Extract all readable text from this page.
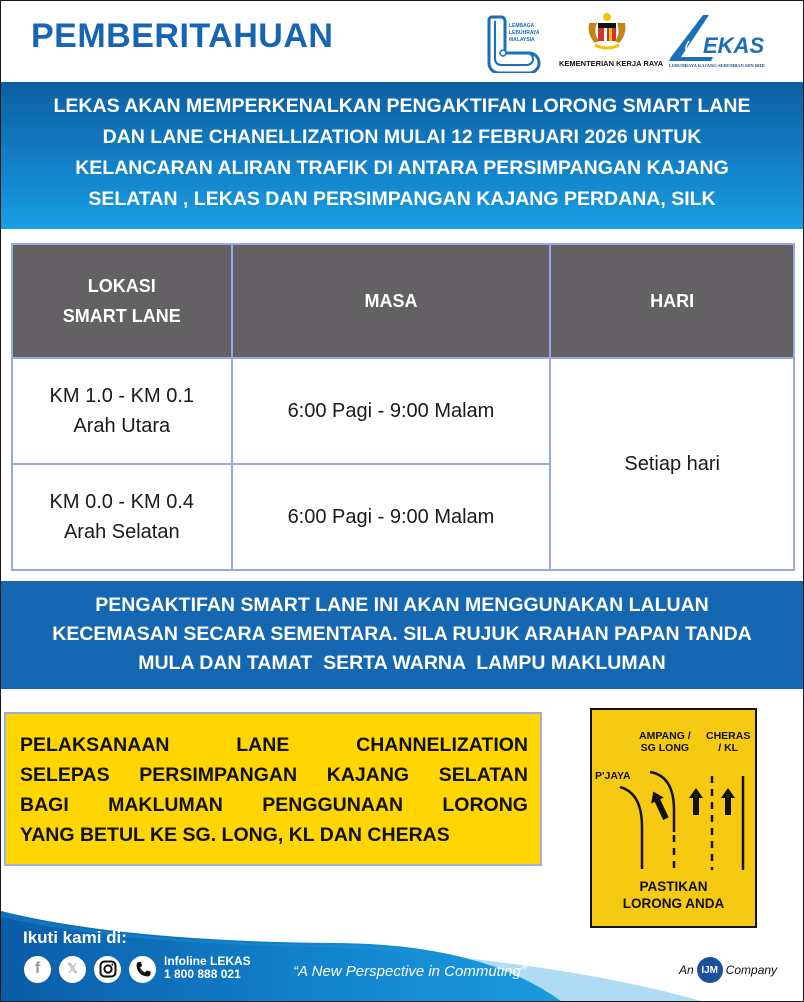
PEMBERITAHUAN	LEMBAGA
LEBUHRAYA
MALAYSIA
KEMENTERIAN KERJA RAYA
EKAS
LEBUHRAYA KAJANG-SEREMBAN SDN BHD
LEKAS AKAN MEMPERKENALKAN PENGAKTIFAN LORONG SMART LANE
DAN LANE CHANELLIZATION MULAI 12 FEBRUARI 2026 UNTUK
KELANCARAN ALIRAN TRAFIK DI ANTARA PERSIMPANGAN KAJANG
SELATAN , LEKAS DAN PERSIMPANGAN KAJANG PERDANA, SILK
LOKASI
SMART LANE	MASA	HARI

KM 1.0 - KM 0.1
Arah Utara	6:00 Pagi - 9:00 Malam	Setiap hari

KM 0.0 - KM 0.4
Arah Selatan	6:00 Pagi - 9:00 Malam	
PENGAKTIFAN SMART LANE INI AKAN MENGGUNAKAN LALUAN
KECEMASAN SECARA SEMENTARA. SILA RUJUK ARAHAN PAPAN TANDA
MULA DAN TAMAT  SERTA WARNA  LAMPU MAKLUMAN
PELAKSANAAN	LANE	CHANNELIZATION
SELEPAS PERSIMPANGAN KAJANG SELATAN
BAGI MAKLUMAN PENGGUNAAN LORONG
YANG BETUL KE SG. LONG, KL DAN CHERAS
AMPANG /
SG LONG
CHERAS
/ KL
P'JAYA
PASTIKAN
LORONG ANDA
Ikuti kami di:
f 𝕏	Infoline LEKAS
1 800 888 021	“A New Perspective in Commuting”	An IJM Company
